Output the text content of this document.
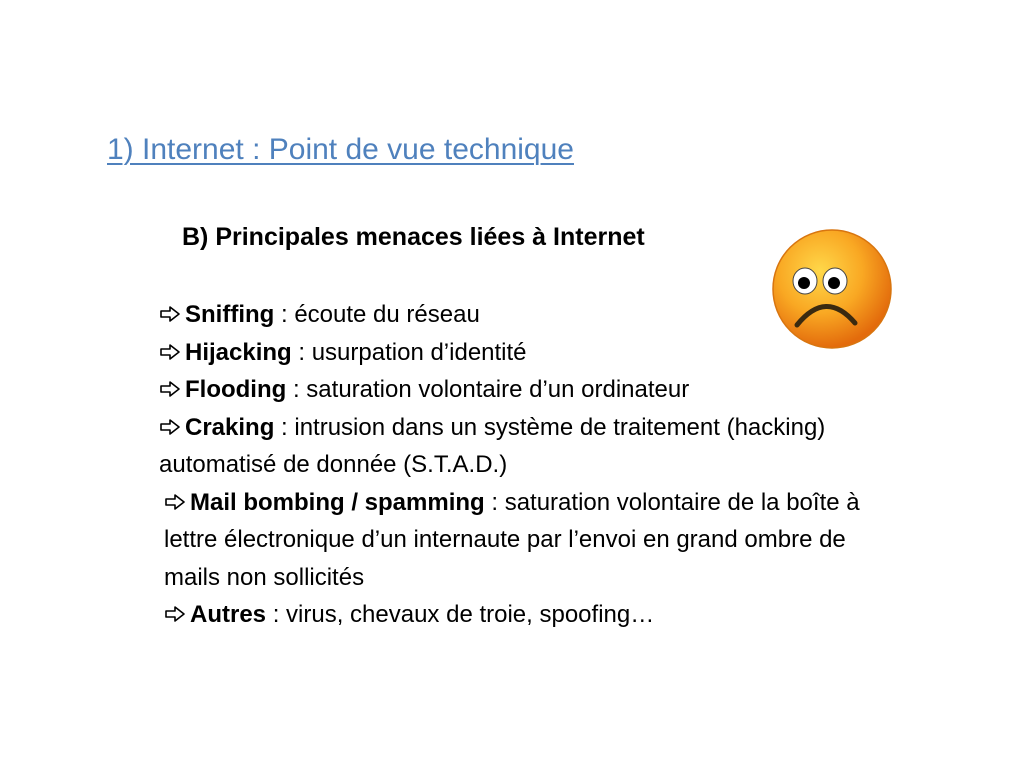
1) Internet : Point de vue technique
B) Principales menaces liées à Internet
Sniffing : écoute du réseau
Hijacking : usurpation d’identité
Flooding : saturation volontaire d’un ordinateur
Craking : intrusion dans un système de traitement (hacking) automatisé de donnée (S.T.A.D.)
Mail bombing / spamming : saturation volontaire de la boîte à lettre électronique d’un internaute par l’envoi en grand ombre de mails non sollicités
Autres : virus, chevaux de troie, spoofing…
